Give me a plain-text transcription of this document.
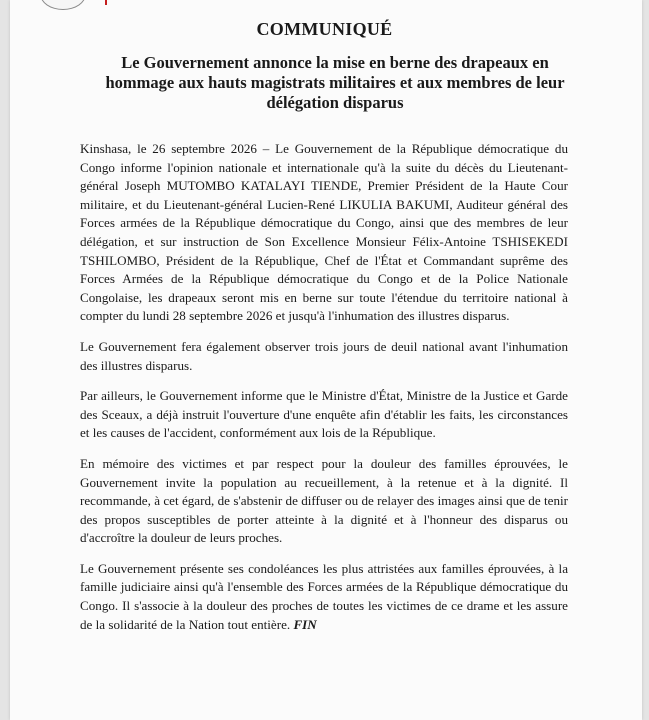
COMMUNIQUÉ
Le Gouvernement annonce la mise en berne des drapeaux en hommage aux hauts magistrats militaires et aux membres de leur délégation disparus

Kinshasa, le 26 septembre 2026 – Le Gouvernement de la République démocratique du Congo informe l'opinion nationale et internationale qu'à la suite du décès du Lieutenant-général Joseph MUTOMBO KATALAYI TIENDE, Premier Président de la Haute Cour militaire, et du Lieutenant-général Lucien-René LIKULIA BAKUMI, Auditeur général des Forces armées de la République démocratique du Congo, ainsi que des membres de leur délégation, et sur instruction de Son Excellence Monsieur Félix-Antoine TSHISEKEDI TSHILOMBO, Président de la République, Chef de l'État et Commandant suprême des Forces Armées de la République démocratique du Congo et de la Police Nationale Congolaise, les drapeaux seront mis en berne sur toute l'étendue du territoire national à compter du lundi 28 septembre 2026 et jusqu'à l'inhumation des illustres disparus.

Le Gouvernement fera également observer trois jours de deuil national avant l'inhumation des illustres disparus.

Par ailleurs, le Gouvernement informe que le Ministre d'État, Ministre de la Justice et Garde des Sceaux, a déjà instruit l'ouverture d'une enquête afin d'établir les faits, les circonstances et les causes de l'accident, conformément aux lois de la République.

En mémoire des victimes et par respect pour la douleur des familles éprouvées, le Gouvernement invite la population au recueillement, à la retenue et à la dignité. Il recommande, à cet égard, de s'abstenir de diffuser ou de relayer des images ainsi que de tenir des propos susceptibles de porter atteinte à la dignité et à l'honneur des disparus ou d'accroître la douleur de leurs proches.

Le Gouvernement présente ses condoléances les plus attristées aux familles éprouvées, à la famille judiciaire ainsi qu'à l'ensemble des Forces armées de la République démocratique du Congo. Il s'associe à la douleur des proches de toutes les victimes de ce drame et les assure de la solidarité de la Nation tout entière. FIN
